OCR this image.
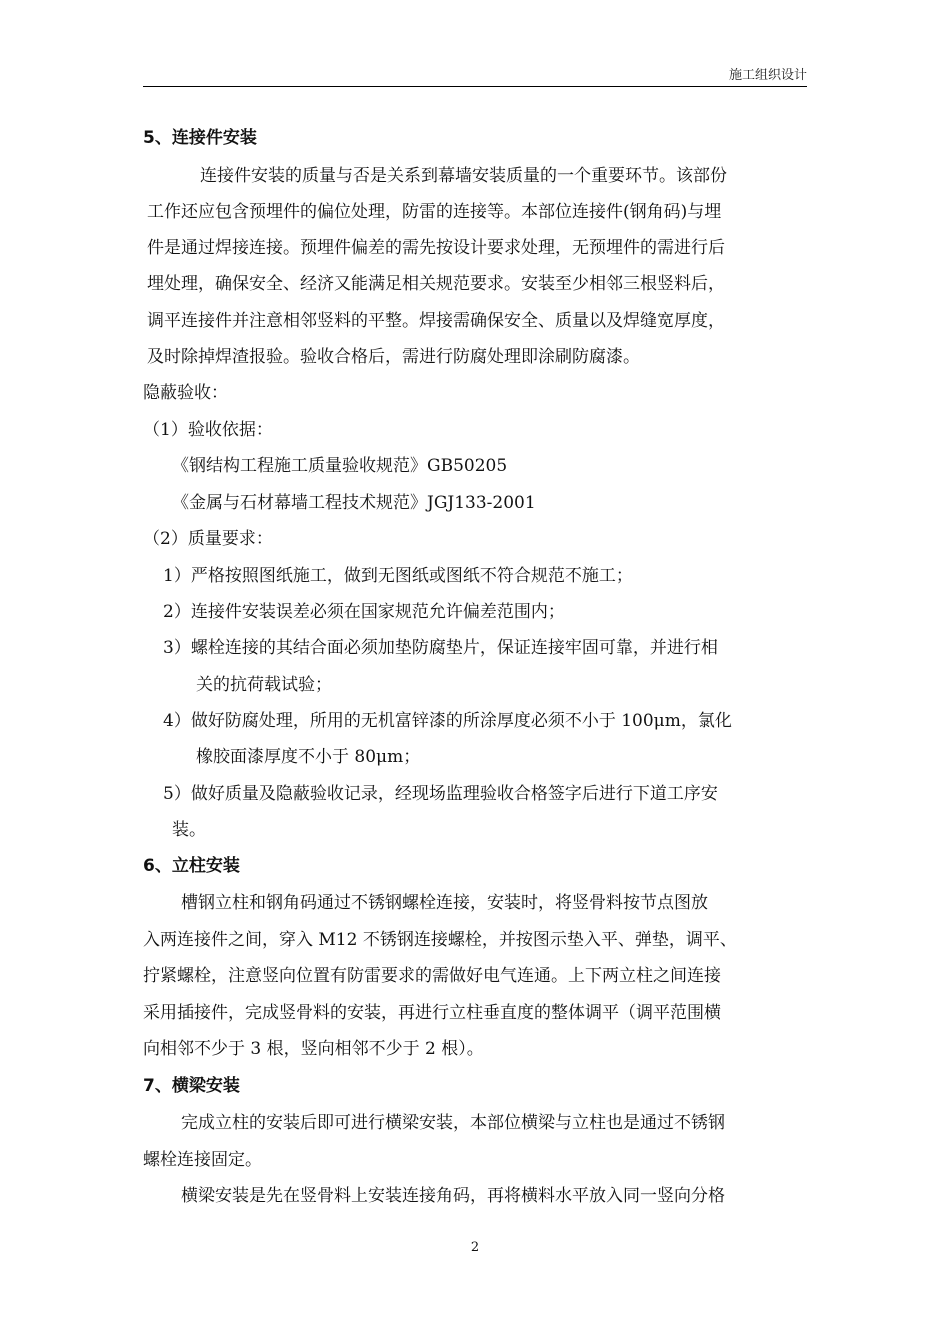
施工组织设计
5、连接件安装
连接件安装的质量与否是关系到幕墙安装质量的一个重要环节。该部份
工作还应包含预埋件的偏位处理，防雷的连接等。本部位连接件(钢角码)与埋
件是通过焊接连接。预埋件偏差的需先按设计要求处理，无预埋件的需进行后
埋处理，确保安全、经济又能满足相关规范要求。安装至少相邻三根竖料后，
调平连接件并注意相邻竖料的平整。焊接需确保安全、质量以及焊缝宽厚度，
及时除掉焊渣报验。验收合格后，需进行防腐处理即涂刷防腐漆。
隐蔽验收：
（1）验收依据：
《钢结构工程施工质量验收规范》GB50205
《金属与石材幕墙工程技术规范》JGJ133-2001
（2）质量要求：
1）严格按照图纸施工，做到无图纸或图纸不符合规范不施工；
2）连接件安装误差必须在国家规范允许偏差范围内；
3）螺栓连接的其结合面必须加垫防腐垫片，保证连接牢固可靠，并进行相
关的抗荷载试验；
4）做好防腐处理，所用的无机富锌漆的所涂厚度必须不小于 100μm，氯化
橡胶面漆厚度不小于 80μm；
5）做好质量及隐蔽验收记录，经现场监理验收合格签字后进行下道工序安
装。
6、立柱安装
槽钢立柱和钢角码通过不锈钢螺栓连接，安装时，将竖骨料按节点图放
入两连接件之间，穿入 M12 不锈钢连接螺栓，并按图示垫入平、弹垫，调平、
拧紧螺栓，注意竖向位置有防雷要求的需做好电气连通。上下两立柱之间连接
采用插接件，完成竖骨料的安装，再进行立柱垂直度的整体调平（调平范围横
向相邻不少于 3 根，竖向相邻不少于 2 根）。
7、横梁安装
完成立柱的安装后即可进行横梁安装，本部位横梁与立柱也是通过不锈钢
螺栓连接固定。
横梁安装是先在竖骨料上安装连接角码，再将横料水平放入同一竖向分格
2
